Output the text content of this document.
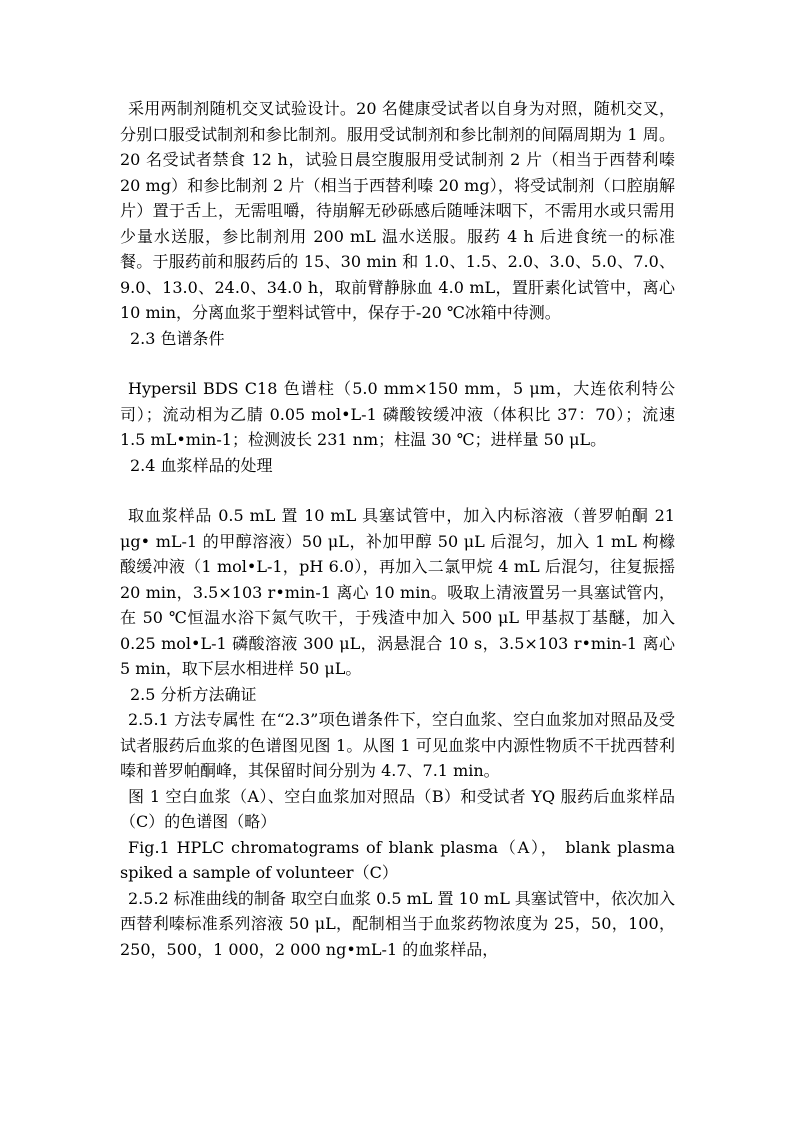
采用两制剂随机交叉试验设计。20 名健康受试者以自身为对照，随机交叉，分别口服受试制剂和参比制剂。服用受试制剂和参比制剂的间隔周期为 1 周。20 名受试者禁食 12 h，试验日晨空腹服用受试制剂 2 片（相当于西替利嗪 20 mg）和参比制剂 2 片（相当于西替利嗪 20 mg），将受试制剂（口腔崩解片）置于舌上，无需咀嚼，待崩解无砂砾感后随唾沫咽下，不需用水或只需用少量水送服，参比制剂用 200 mL 温水送服。服药 4 h 后进食统一的标准餐。于服药前和服药后的 15、30 min 和 1.0、1.5、2.0、3.0、5.0、7.0、9.0、13.0、24.0、34.0 h，取前臂静脉血 4.0 mL，置肝素化试管中，离心 10 min，分离血浆于塑料试管中，保存于-20 ℃冰箱中待测。

2.3 色谱条件

Hypersil BDS C18 色谱柱（5.0 mm×150 mm，5 μm，大连依利特公司）；流动相为乙腈 0.05 mol•L-1 磷酸铵缓冲液（体积比 37：70）；流速 1.5 mL•min-1；检测波长 231 nm；柱温 30 ℃；进样量 50 μL。

2.4 血浆样品的处理

取血浆样品 0.5 mL 置 10 mL 具塞试管中，加入内标溶液（普罗帕酮 21 μg• mL-1 的甲醇溶液）50 μL，补加甲醇 50 μL 后混匀，加入 1 mL 枸橼酸缓冲液（1 mol•L-1，pH 6.0），再加入二氯甲烷 4 mL 后混匀，往复振摇 20 min，3.5×103 r•min-1 离心 10 min。吸取上清液置另一具塞试管内，在 50 ℃恒温水浴下氮气吹干，于残渣中加入 500 μL 甲基叔丁基醚，加入 0.25 mol•L-1 磷酸溶液 300 μL，涡悬混合 10 s，3.5×103 r•min-1 离心 5 min，取下层水相进样 50 μL。

2.5 分析方法确证

2.5.1 方法专属性 在“2.3”项色谱条件下，空白血浆、空白血浆加对照品及受试者服药后血浆的色谱图见图 1。从图 1 可见血浆中内源性物质不干扰西替利嗪和普罗帕酮峰，其保留时间分别为 4.7、7.1 min。

图 1 空白血浆（A）、空白血浆加对照品（B）和受试者 YQ 服药后血浆样品（C）的色谱图（略）

Fig.1 HPLC chromatograms of blank plasma（A）， blank plasma spiked a sample of volunteer（C）

2.5.2 标准曲线的制备 取空白血浆 0.5 mL 置 10 mL 具塞试管中，依次加入西替利嗪标准系列溶液 50 μL，配制相当于血浆药物浓度为 25，50，100，250，500，1 000，2 000 ng•mL-1 的血浆样品，
